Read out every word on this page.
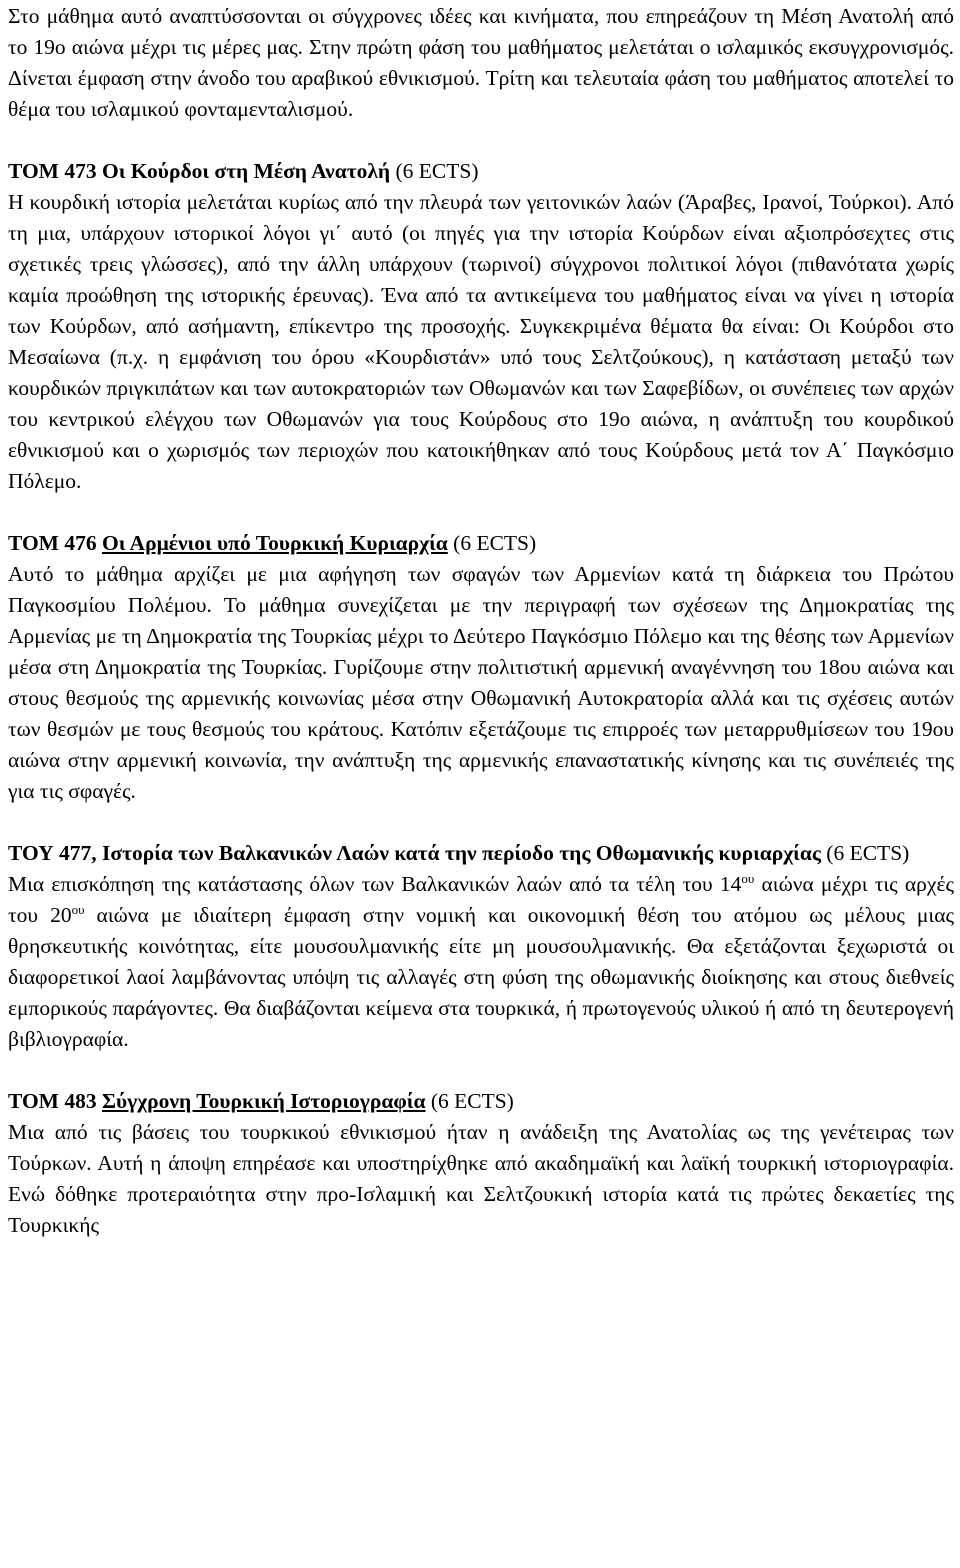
Στο μάθημα αυτό αναπτύσσονται οι σύγχρονες ιδέες και κινήματα, που επηρεάζουν τη Μέση Ανατολή από το 19ο αιώνα μέχρι τις μέρες μας. Στην πρώτη φάση του μαθήματος μελετάται ο ισλαμικός εκσυγχρονισμός. Δίνεται έμφαση στην άνοδο του αραβικού εθνικισμού. Τρίτη και τελευταία φάση του μαθήματος αποτελεί το θέμα του ισλαμικού φονταμενταλισμού.

ΤΟΜ 473 Οι Κούρδοι στη Μέση Ανατολή (6 ECTS)

Η κουρδική ιστορία μελετάται κυρίως από την πλευρά των γειτονικών λαών (Άραβες, Ιρανοί, Τούρκοι). Από τη μια, υπάρχουν ιστορικοί λόγοι γι΄ αυτό (οι πηγές για την ιστορία Κούρδων είναι αξιοπρόσεχτες στις σχετικές τρεις γλώσσες), από την άλλη υπάρχουν (τωρινοί) σύγχρονοι πολιτικοί λόγοι (πιθανότατα χωρίς καμία προώθηση της ιστορικής έρευνας). Ένα από τα αντικείμενα του μαθήματος είναι να γίνει η ιστορία των Κούρδων, από ασήμαντη, επίκεντρο της προσοχής. Συγκεκριμένα θέματα θα είναι: Οι Κούρδοι στο Μεσαίωνα (π.χ. η εμφάνιση του όρου «Κουρδιστάν» υπό τους Σελτζούκους), η κατάσταση μεταξύ των κουρδικών πριγκιπάτων και των αυτοκρατοριών των Οθωμανών και των Σαφεβίδων, οι συνέπειες των αρχών του κεντρικού ελέγχου των Οθωμανών για τους Κούρδους στο 19ο αιώνα, η ανάπτυξη του κουρδικού εθνικισμού και ο χωρισμός των περιοχών που κατοικήθηκαν από τους Κούρδους μετά τον Α΄ Παγκόσμιο Πόλεμο.

ΤΟΜ 476 Οι Αρμένιοι υπό Τουρκική Κυριαρχία (6 ECTS)

Αυτό το μάθημα αρχίζει με μια αφήγηση των σφαγών των Αρμενίων κατά τη διάρκεια του Πρώτου Παγκοσμίου Πολέμου. Το μάθημα συνεχίζεται με την περιγραφή των σχέσεων της Δημοκρατίας της Αρμενίας με τη Δημοκρατία της Τουρκίας μέχρι το Δεύτερο Παγκόσμιο Πόλεμο και της θέσης των Αρμενίων μέσα στη Δημοκρατία της Τουρκίας. Γυρίζουμε στην πολιτιστική αρμενική αναγέννηση του 18ου αιώνα και στους θεσμούς της αρμενικής κοινωνίας μέσα στην Οθωμανική Αυτοκρατορία αλλά και τις σχέσεις αυτών των θεσμών με τους θεσμούς του κράτους. Κατόπιν εξετάζουμε τις επιρροές των μεταρρυθμίσεων του 19ου αιώνα στην αρμενική κοινωνία, την ανάπτυξη της αρμενικής επαναστατικής κίνησης και τις συνέπειές της για τις σφαγές.

ΤΟΥ 477, Ιστορία των Βαλκανικών Λαών κατά την περίοδο της Οθωμανικής κυριαρχίας (6 ECTS)

Μια επισκόπηση της κατάστασης όλων των Βαλκανικών λαών από τα τέλη του $14^{o\upsilon}$ αιώνα μέχρι τις αρχές του $20^{o\upsilon}$ αιώνα με ιδιαίτερη έμφαση στην νομική και οικονομική θέση του ατόμου ως μέλους μιας θρησκευτικής κοινότητας, είτε μουσουλμανικής είτε μη μουσουλμανικής. Θα εξετάζονται ξεχωριστά οι διαφορετικοί λαοί λαμβάνοντας υπόψη τις αλλαγές στη φύση της οθωμανικής διοίκησης και στους διεθνείς εμπορικούς παράγοντες. Θα διαβάζονται κείμενα στα τουρκικά, ή πρωτογενούς υλικού ή από τη δευτερογενή βιβλιογραφία.

ΤΟΜ 483 Σύγχρονη Τουρκική Ιστοριογραφία (6 ECTS)

Μια από τις βάσεις του τουρκικού εθνικισμού ήταν η ανάδειξη της Ανατολίας ως της γενέτειρας των Τούρκων. Αυτή η άποψη επηρέασε και υποστηρίχθηκε από ακαδημαϊκή και λαϊκή τουρκική ιστοριογραφία. Ενώ δόθηκε προτεραιότητα στην προ-Ισλαμική και Σελτζουκική ιστορία κατά τις πρώτες δεκαετίες της Τουρκικής
